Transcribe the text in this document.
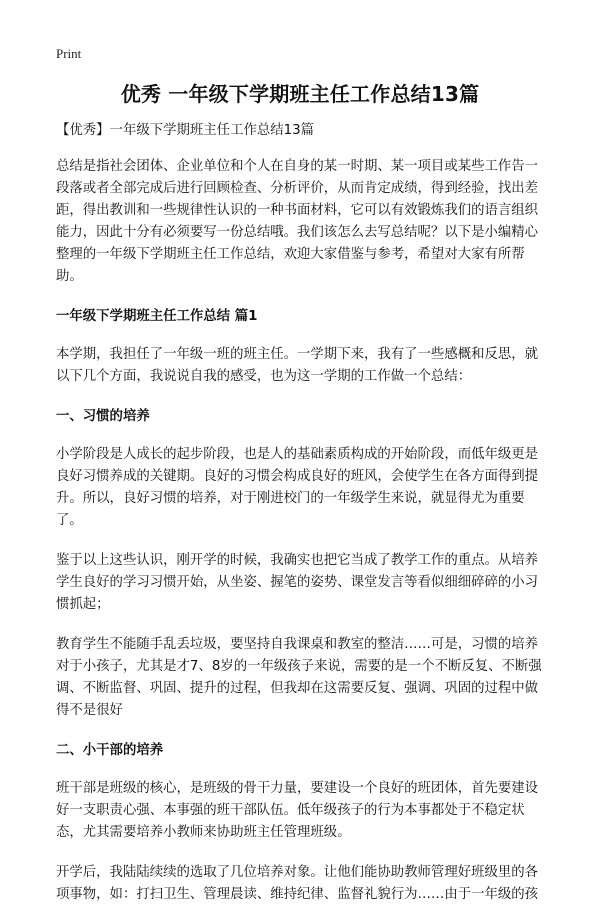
Print
优秀 一年级下学期班主任工作总结13篇

【优秀】一年级下学期班主任工作总结13篇

总结是指社会团体、企业单位和个人在自身的某一时期、某一项目或某些工作告一段落或者全部完成后进行回顾检查、分析评价，从而肯定成绩，得到经验，找出差距，得出教训和一些规律性认识的一种书面材料，它可以有效锻炼我们的语言组织能力，因此十分有必须要写一份总结哦。我们该怎么去写总结呢？以下是小编精心整理的一年级下学期班主任工作总结，欢迎大家借鉴与参考，希望对大家有所帮助。

一年级下学期班主任工作总结 篇1

本学期，我担任了一年级一班的班主任。一学期下来，我有了一些感概和反思，就以下几个方面，我说说自我的感受，也为这一学期的工作做一个总结：

一、习惯的培养

小学阶段是人成长的起步阶段，也是人的基础素质构成的开始阶段，而低年级更是良好习惯养成的关键期。良好的习惯会构成良好的班风，会使学生在各方面得到提升。所以，良好习惯的培养，对于刚进校门的一年级学生来说，就显得尤为重要了。

鉴于以上这些认识，刚开学的时候，我确实也把它当成了教学工作的重点。从培养学生良好的学习习惯开始，从坐姿、握笔的姿势、课堂发言等看似细细碎碎的小习惯抓起；

教育学生不能随手乱丢垃圾，要坚持自我课桌和教室的整洁……可是，习惯的培养对于小孩子，尤其是才7、8岁的一年级孩子来说，需要的是一个不断反复、不断强调、不断监督、巩固、提升的过程，但我却在这需要反复、强调、巩固的过程中做得不是很好

二、小干部的培养

班干部是班级的核心，是班级的骨干力量，要建设一个良好的班团体，首先要建设好一支职责心强、本事强的班干部队伍。低年级孩子的行为本事都处于不稳定状态，尤其需要培养小教师来协助班主任管理班级。

开学后，我陆陆续续的选取了几位培养对象。让他们能协助教师管理好班级里的各项事物，如：打扫卫生、管理晨读、维持纪律、监督礼貌行为……由于一年级的孩
